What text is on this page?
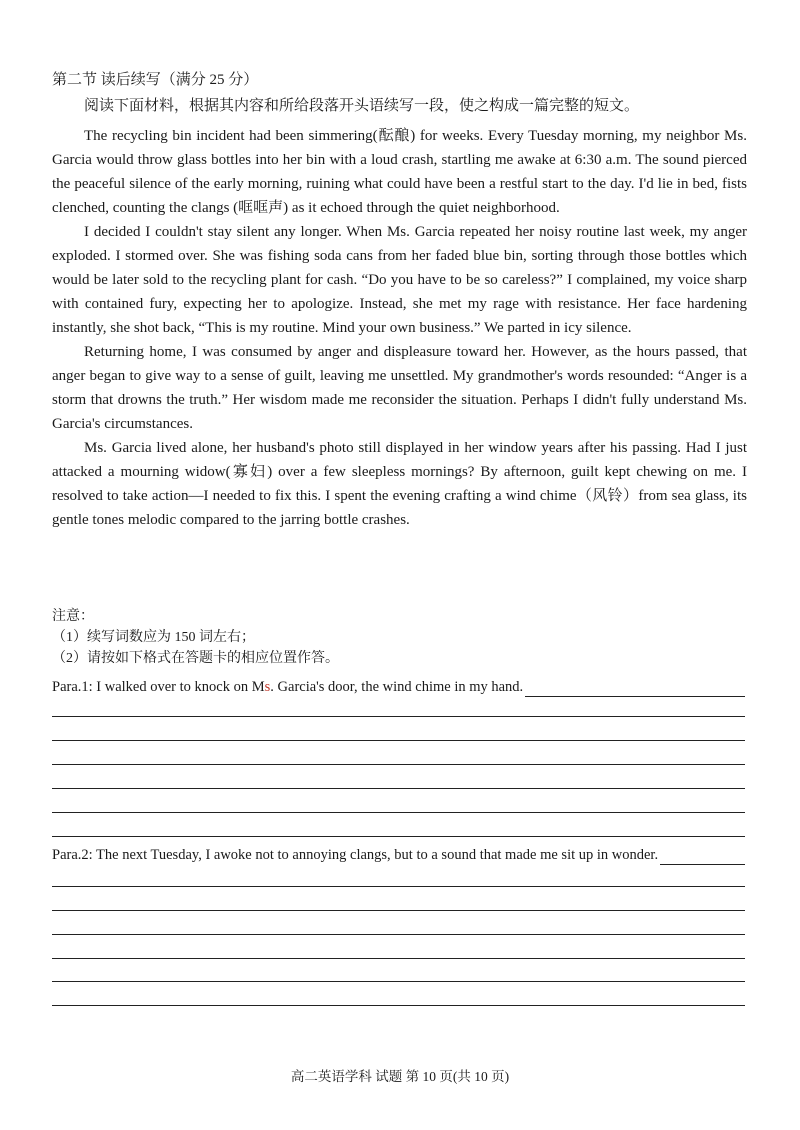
第二节 读后续写（满分 25 分）
阅读下面材料，根据其内容和所给段落开头语续写一段，使之构成一篇完整的短文。

The recycling bin incident had been simmering(酝酿) for weeks. Every Tuesday morning, my neighbor Ms. Garcia would throw glass bottles into her bin with a loud crash, startling me awake at 6:30 a.m. The sound pierced the peaceful silence of the early morning, ruining what could have been a restful start to the day. I'd lie in bed, fists clenched, counting the clangs (哐哐声) as it echoed through the quiet neighborhood.

I decided I couldn't stay silent any longer. When Ms. Garcia repeated her noisy routine last week, my anger exploded. I stormed over. She was fishing soda cans from her faded blue bin, sorting through those bottles which would be later sold to the recycling plant for cash. “Do you have to be so careless?” I complained, my voice sharp with contained fury, expecting her to apologize. Instead, she met my rage with resistance. Her face hardening instantly, she shot back, “This is my routine. Mind your own business.” We parted in icy silence.

Returning home, I was consumed by anger and displeasure toward her. However, as the hours passed, that anger began to give way to a sense of guilt, leaving me unsettled. My grandmother's words resounded: “Anger is a storm that drowns the truth.” Her wisdom made me reconsider the situation. Perhaps I didn't fully understand Ms. Garcia's circumstances.

Ms. Garcia lived alone, her husband's photo still displayed in her window years after his passing. Had I just attacked a mourning widow(寡妇) over a few sleepless mornings? By afternoon, guilt kept chewing on me. I resolved to take action—I needed to fix this. I spent the evening crafting a wind chime（风铃）from sea glass, its gentle tones melodic compared to the jarring bottle crashes.

注意：
（1）续写词数应为 150 词左右；
（2）请按如下格式在答题卡的相应位置作答。
Para.1: I walked over to knock on Ms. Garcia's door, the wind chime in my hand.
Para.2: The next Tuesday, I awoke not to annoying clangs, but to a sound that made me sit up in wonder.
高二英语学科 试题 第 10 页(共 10 页)
